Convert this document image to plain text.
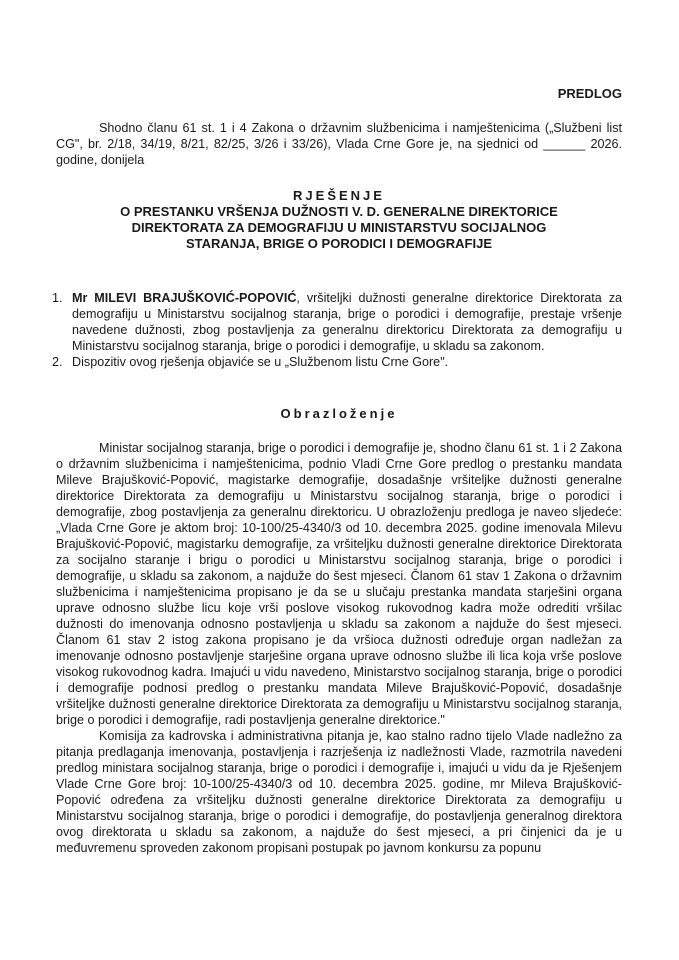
PREDLOG

Shodno članu 61 st. 1 i 4 Zakona o državnim službenicima i namještenicima („Službeni list CG", br. 2/18, 34/19, 8/21, 82/25, 3/26 i 33/26), Vlada Crne Gore je, na sjednici od ______ 2026. godine, donijela

RJEŠENJE
O PRESTANKU VRŠENJA DUŽNOSTI V. D. GENERALNE DIREKTORICE
DIREKTORATA ZA DEMOGRAFIJU U MINISTARSTVU SOCIJALNOG
STARANJA, BRIGE O PORODICI I DEMOGRAFIJE
1. Mr MILEVI BRAJUŠKOVIĆ-POPOVIĆ, vršiteljki dužnosti generalne direktorice Direktorata za demografiju u Ministarstvu socijalnog staranja, brige o porodici i demografije, prestaje vršenje navedene dužnosti, zbog postavljenja za generalnu direktoricu Direktorata za demografiju u Ministarstvu socijalnog staranja, brige o porodici i demografije, u skladu sa zakonom.
2. Dispozitiv ovog rješenja objaviće se u „Službenom listu Crne Gore".
Obrazloženje

Ministar socijalnog staranja, brige o porodici i demografije je, shodno članu 61 st. 1 i 2 Zakona o državnim službenicima i namještenicima, podnio Vladi Crne Gore predlog o prestanku mandata Mileve Brajušković-Popović, magistarke demografije, dosadašnje vršiteljke dužnosti generalne direktorice Direktorata za demografiju u Ministarstvu socijalnog staranja, brige o porodici i demografije, zbog postavljenja za generalnu direktoricu. U obrazloženju predloga je naveo sljedeće: „Vlada Crne Gore je aktom broj: 10-100/25-4340/3 od 10. decembra 2025. godine imenovala Milevu Brajušković-Popović, magistarku demografije, za vršiteljku dužnosti generalne direktorice Direktorata za socijalno staranje i brigu o porodici u Ministarstvu socijalnog staranja, brige o porodici i demografije, u skladu sa zakonom, a najduže do šest mjeseci. Članom 61 stav 1 Zakona o državnim službenicima i namještenicima propisano je da se u slučaju prestanka mandata starješini organa uprave odnosno službe licu koje vrši poslove visokog rukovodnog kadra može odrediti vršilac dužnosti do imenovanja odnosno postavljenja u skladu sa zakonom a najduže do šest mjeseci. Članom 61 stav 2 istog zakona propisano je da vršioca dužnosti određuje organ nadležan za imenovanje odnosno postavljenje starješine organa uprave odnosno službe ili lica koja vrše poslove visokog rukovodnog kadra. Imajući u vidu navedeno, Ministarstvo socijalnog staranja, brige o porodici i demografije podnosi predlog o prestanku mandata Mileve Brajušković-Popović, dosadašnje vršiteljke dužnosti generalne direktorice Direktorata za demografiju u Ministarstvu socijalnog staranja, brige o porodici i demografije, radi postavljenja generalne direktorice."

Komisija za kadrovska i administrativna pitanja je, kao stalno radno tijelo Vlade nadležno za pitanja predlaganja imenovanja, postavljenja i razrješenja iz nadležnosti Vlade, razmotrila navedeni predlog ministara socijalnog staranja, brige o porodici i demografije i, imajući u vidu da je Rješenjem Vlade Crne Gore broj: 10-100/25-4340/3 od 10. decembra 2025. godine, mr Mileva Brajušković-Popović određena za vršiteljku dužnosti generalne direktorice Direktorata za demografiju u Ministarstvu socijalnog staranja, brige o porodici i demografije, do postavljenja generalnog direktora ovog direktorata u skladu sa zakonom, a najduže do šest mjeseci, a pri činjenici da je u međuvremenu sproveden zakonom propisani postupak po javnom konkursu za popunu
